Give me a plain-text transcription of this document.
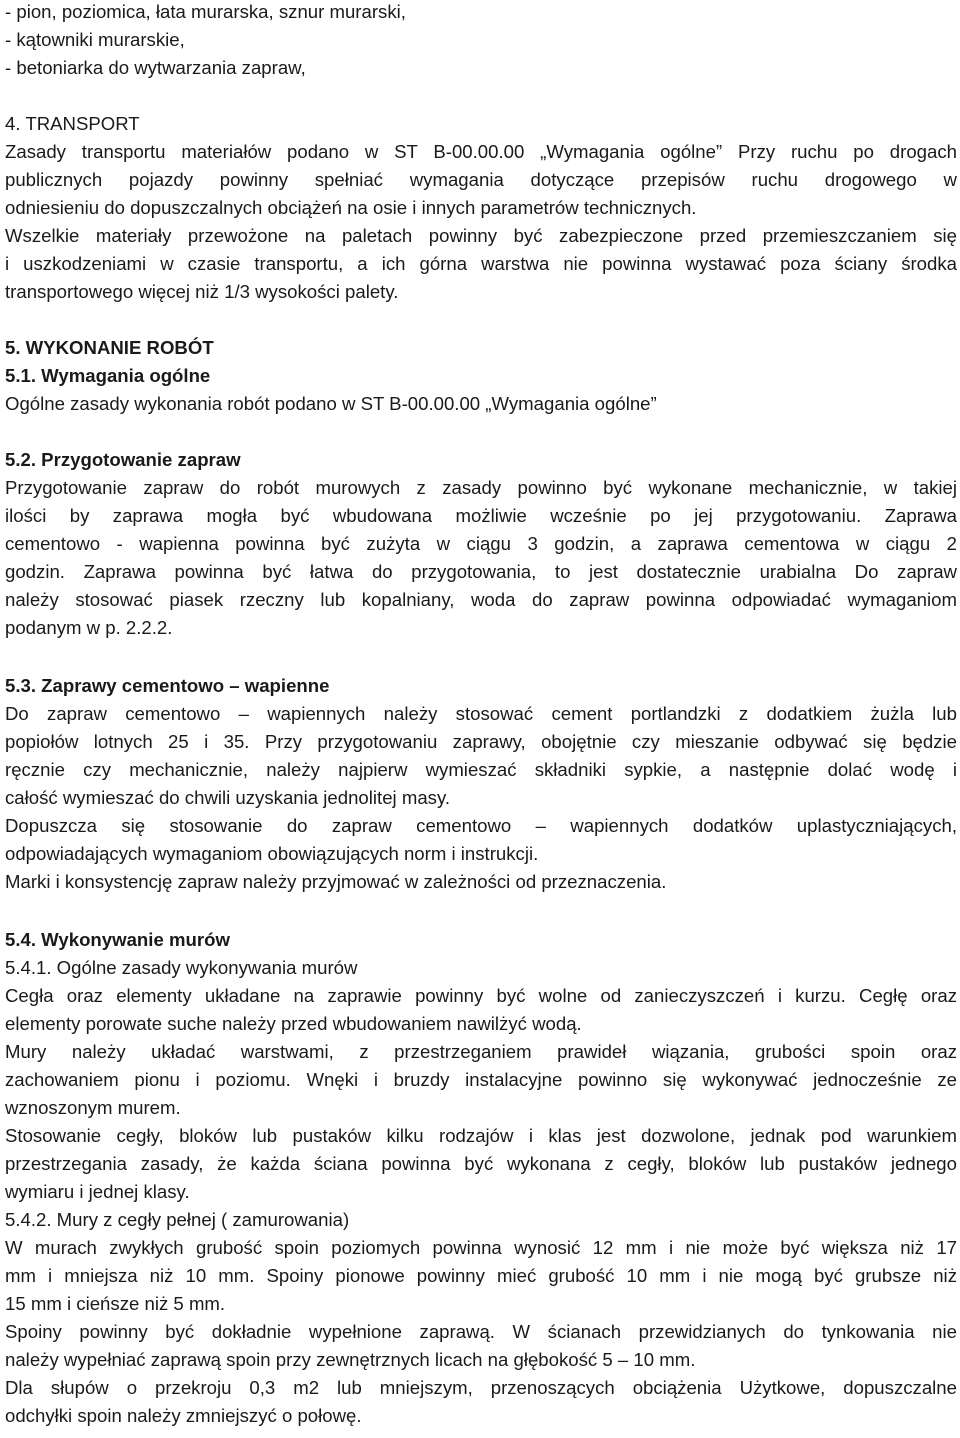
- pion, poziomica, łata murarska, sznur murarski,
- kątowniki murarskie,
- betoniarka do wytwarzania zapraw,
4. TRANSPORT
Zasady transportu materiałów podano w ST B-00.00.00 „Wymagania ogólne” Przy ruchu po drogach
publicznych pojazdy powinny spełniać wymagania dotyczące przepisów ruchu drogowego w
odniesieniu do dopuszczalnych obciążeń na osie i innych parametrów technicznych.
Wszelkie materiały przewożone na paletach powinny być zabezpieczone przed przemieszczaniem się
i uszkodzeniami w czasie transportu, a ich górna warstwa nie powinna wystawać poza ściany środka
transportowego więcej niż 1/3 wysokości palety.
5. WYKONANIE ROBÓT
5.1. Wymagania ogólne
Ogólne zasady wykonania robót podano w ST B-00.00.00 „Wymagania ogólne”
5.2. Przygotowanie zapraw
Przygotowanie zapraw do robót murowych z zasady powinno być wykonane mechanicznie, w takiej
ilości by zaprawa mogła być wbudowana możliwie wcześnie po jej przygotowaniu. Zaprawa
cementowo - wapienna powinna być zużyta w ciągu 3 godzin, a zaprawa cementowa w ciągu 2
godzin. Zaprawa powinna być łatwa do przygotowania, to jest dostatecznie urabialna Do zapraw
należy stosować piasek rzeczny lub kopalniany, woda do zapraw powinna odpowiadać wymaganiom
podanym w p. 2.2.2.
5.3. Zaprawy cementowo – wapienne
Do zapraw cementowo – wapiennych należy stosować cement portlandzki z dodatkiem żużla lub
popiołów lotnych 25 i 35. Przy przygotowaniu zaprawy, obojętnie czy mieszanie odbywać się będzie
ręcznie czy mechanicznie, należy najpierw wymieszać składniki sypkie, a następnie dolać wodę i
całość wymieszać do chwili uzyskania jednolitej masy.
Dopuszcza się stosowanie do zapraw cementowo – wapiennych dodatków uplastyczniających,
odpowiadających wymaganiom obowiązujących norm i instrukcji.
Marki i konsystencję zapraw należy przyjmować w zależności od przeznaczenia.
5.4. Wykonywanie murów
5.4.1. Ogólne zasady wykonywania murów
Cegła oraz elementy układane na zaprawie powinny być wolne od zanieczyszczeń i kurzu. Cegłę oraz
elementy porowate suche należy przed wbudowaniem nawilżyć wodą.
Mury należy układać warstwami, z przestrzeganiem prawideł wiązania, grubości spoin oraz
zachowaniem pionu i poziomu. Wnęki i bruzdy instalacyjne powinno się wykonywać jednocześnie ze
wznoszonym murem.
Stosowanie cegły, bloków lub pustaków kilku rodzajów i klas jest dozwolone, jednak pod warunkiem
przestrzegania zasady, że każda ściana powinna być wykonana z cegły, bloków lub pustaków jednego
wymiaru i jednej klasy.
5.4.2. Mury z cegły pełnej ( zamurowania)
W murach zwykłych grubość spoin poziomych powinna wynosić 12 mm i nie może być większa niż 17
mm i mniejsza niż 10 mm. Spoiny pionowe powinny mieć grubość 10 mm i nie mogą być grubsze niż
15 mm i cieńsze niż 5 mm.
Spoiny powinny być dokładnie wypełnione zaprawą. W ścianach przewidzianych do tynkowania nie
należy wypełniać zaprawą spoin przy zewnętrznych licach na głębokość 5 – 10 mm.
Dla słupów o przekroju 0,3 m2 lub mniejszym, przenoszących obciążenia Użytkowe, dopuszczalne
odchyłki spoin należy zmniejszyć o połowę.
